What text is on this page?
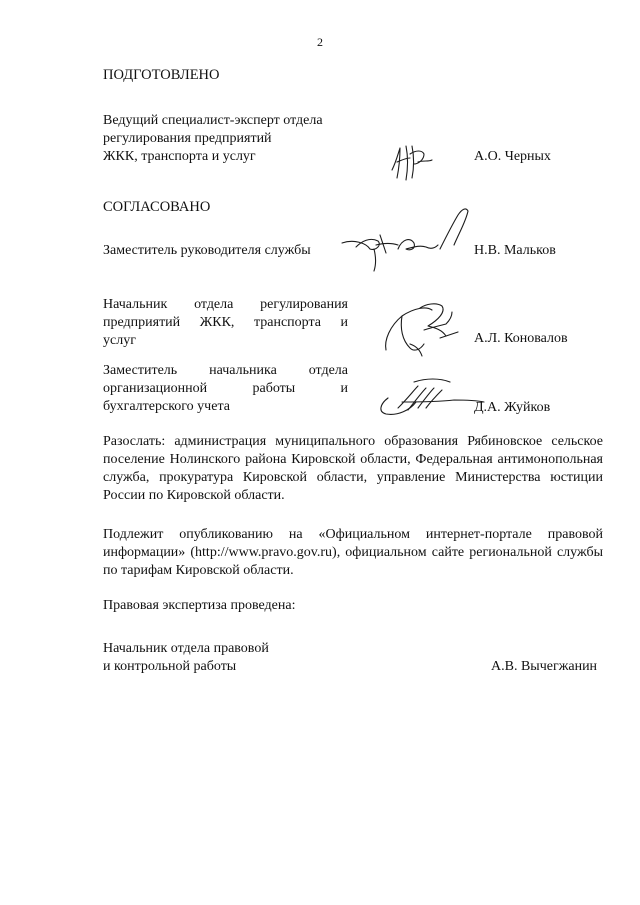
2
ПОДГОТОВЛЕНО
Ведущий специалист-эксперт отдела
регулирования предприятий
ЖКК, транспорта и услуг	А.О. Черных
СОГЛАСОВАНО
Заместитель руководителя службы	Н.В. Мальков
Начальник отдела регулирования
предприятий ЖКК, транспорта и
услуг	А.Л. Коновалов
Заместитель начальника отдела
организационной работы и
бухгалтерского учета	Д.А. Жуйков
Разослать: администрация муниципального образования Рябиновское сельское поселение Нолинского района Кировской области, Федеральная антимонопольная служба, прокуратура Кировской области, управление Министерства юстиции России по Кировской области.
Подлежит опубликованию на «Официальном интернет-портале правовой информации» (http://www.pravo.gov.ru), официальном сайте региональной службы по тарифам Кировской области.
Правовая экспертиза проведена:
Начальник отдела правовой
и контрольной работы	А.В. Вычегжанин
